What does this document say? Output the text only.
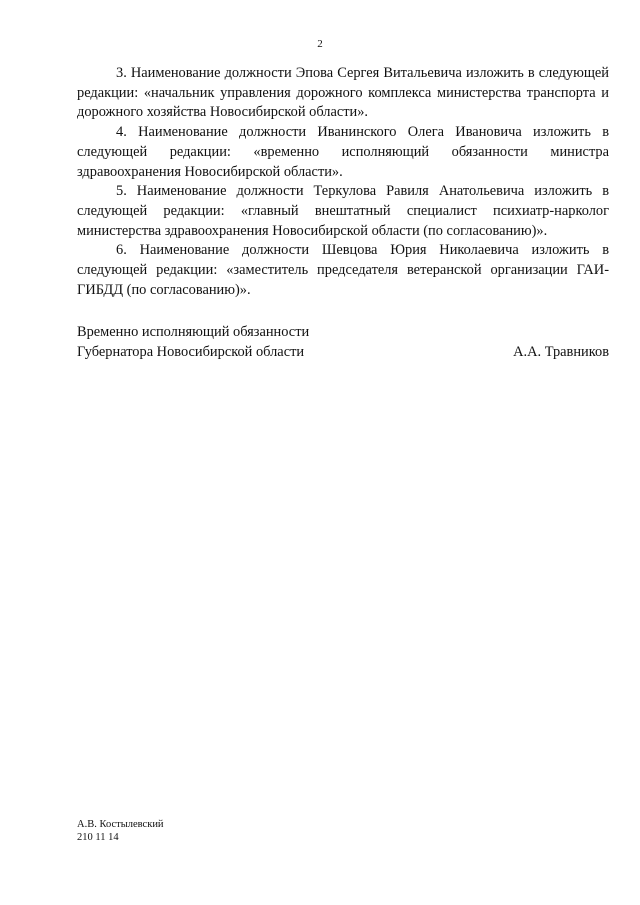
2

3. Наименование должности Эпова Сергея Витальевича изложить в следующей редакции: «начальник управления дорожного комплекса министерства транспорта и дорожного хозяйства Новосибирской области».

4. Наименование должности Иванинского Олега Ивановича изложить в следующей редакции: «временно исполняющий обязанности министра здравоохранения Новосибирской области».

5. Наименование должности Теркулова Равиля Анатольевича изложить в следующей редакции: «главный внештатный специалист психиатр-нарколог министерства здравоохранения Новосибирской области (по согласованию)».

6. Наименование должности Шевцова Юрия Николаевича изложить в следующей редакции: «заместитель председателя ветеранской организации ГАИ-ГИБДД (по согласованию)».

Временно исполняющий обязанности
Губернатора Новосибирской области	А.А. Травников
А.В. Костылевский
210 11 14
